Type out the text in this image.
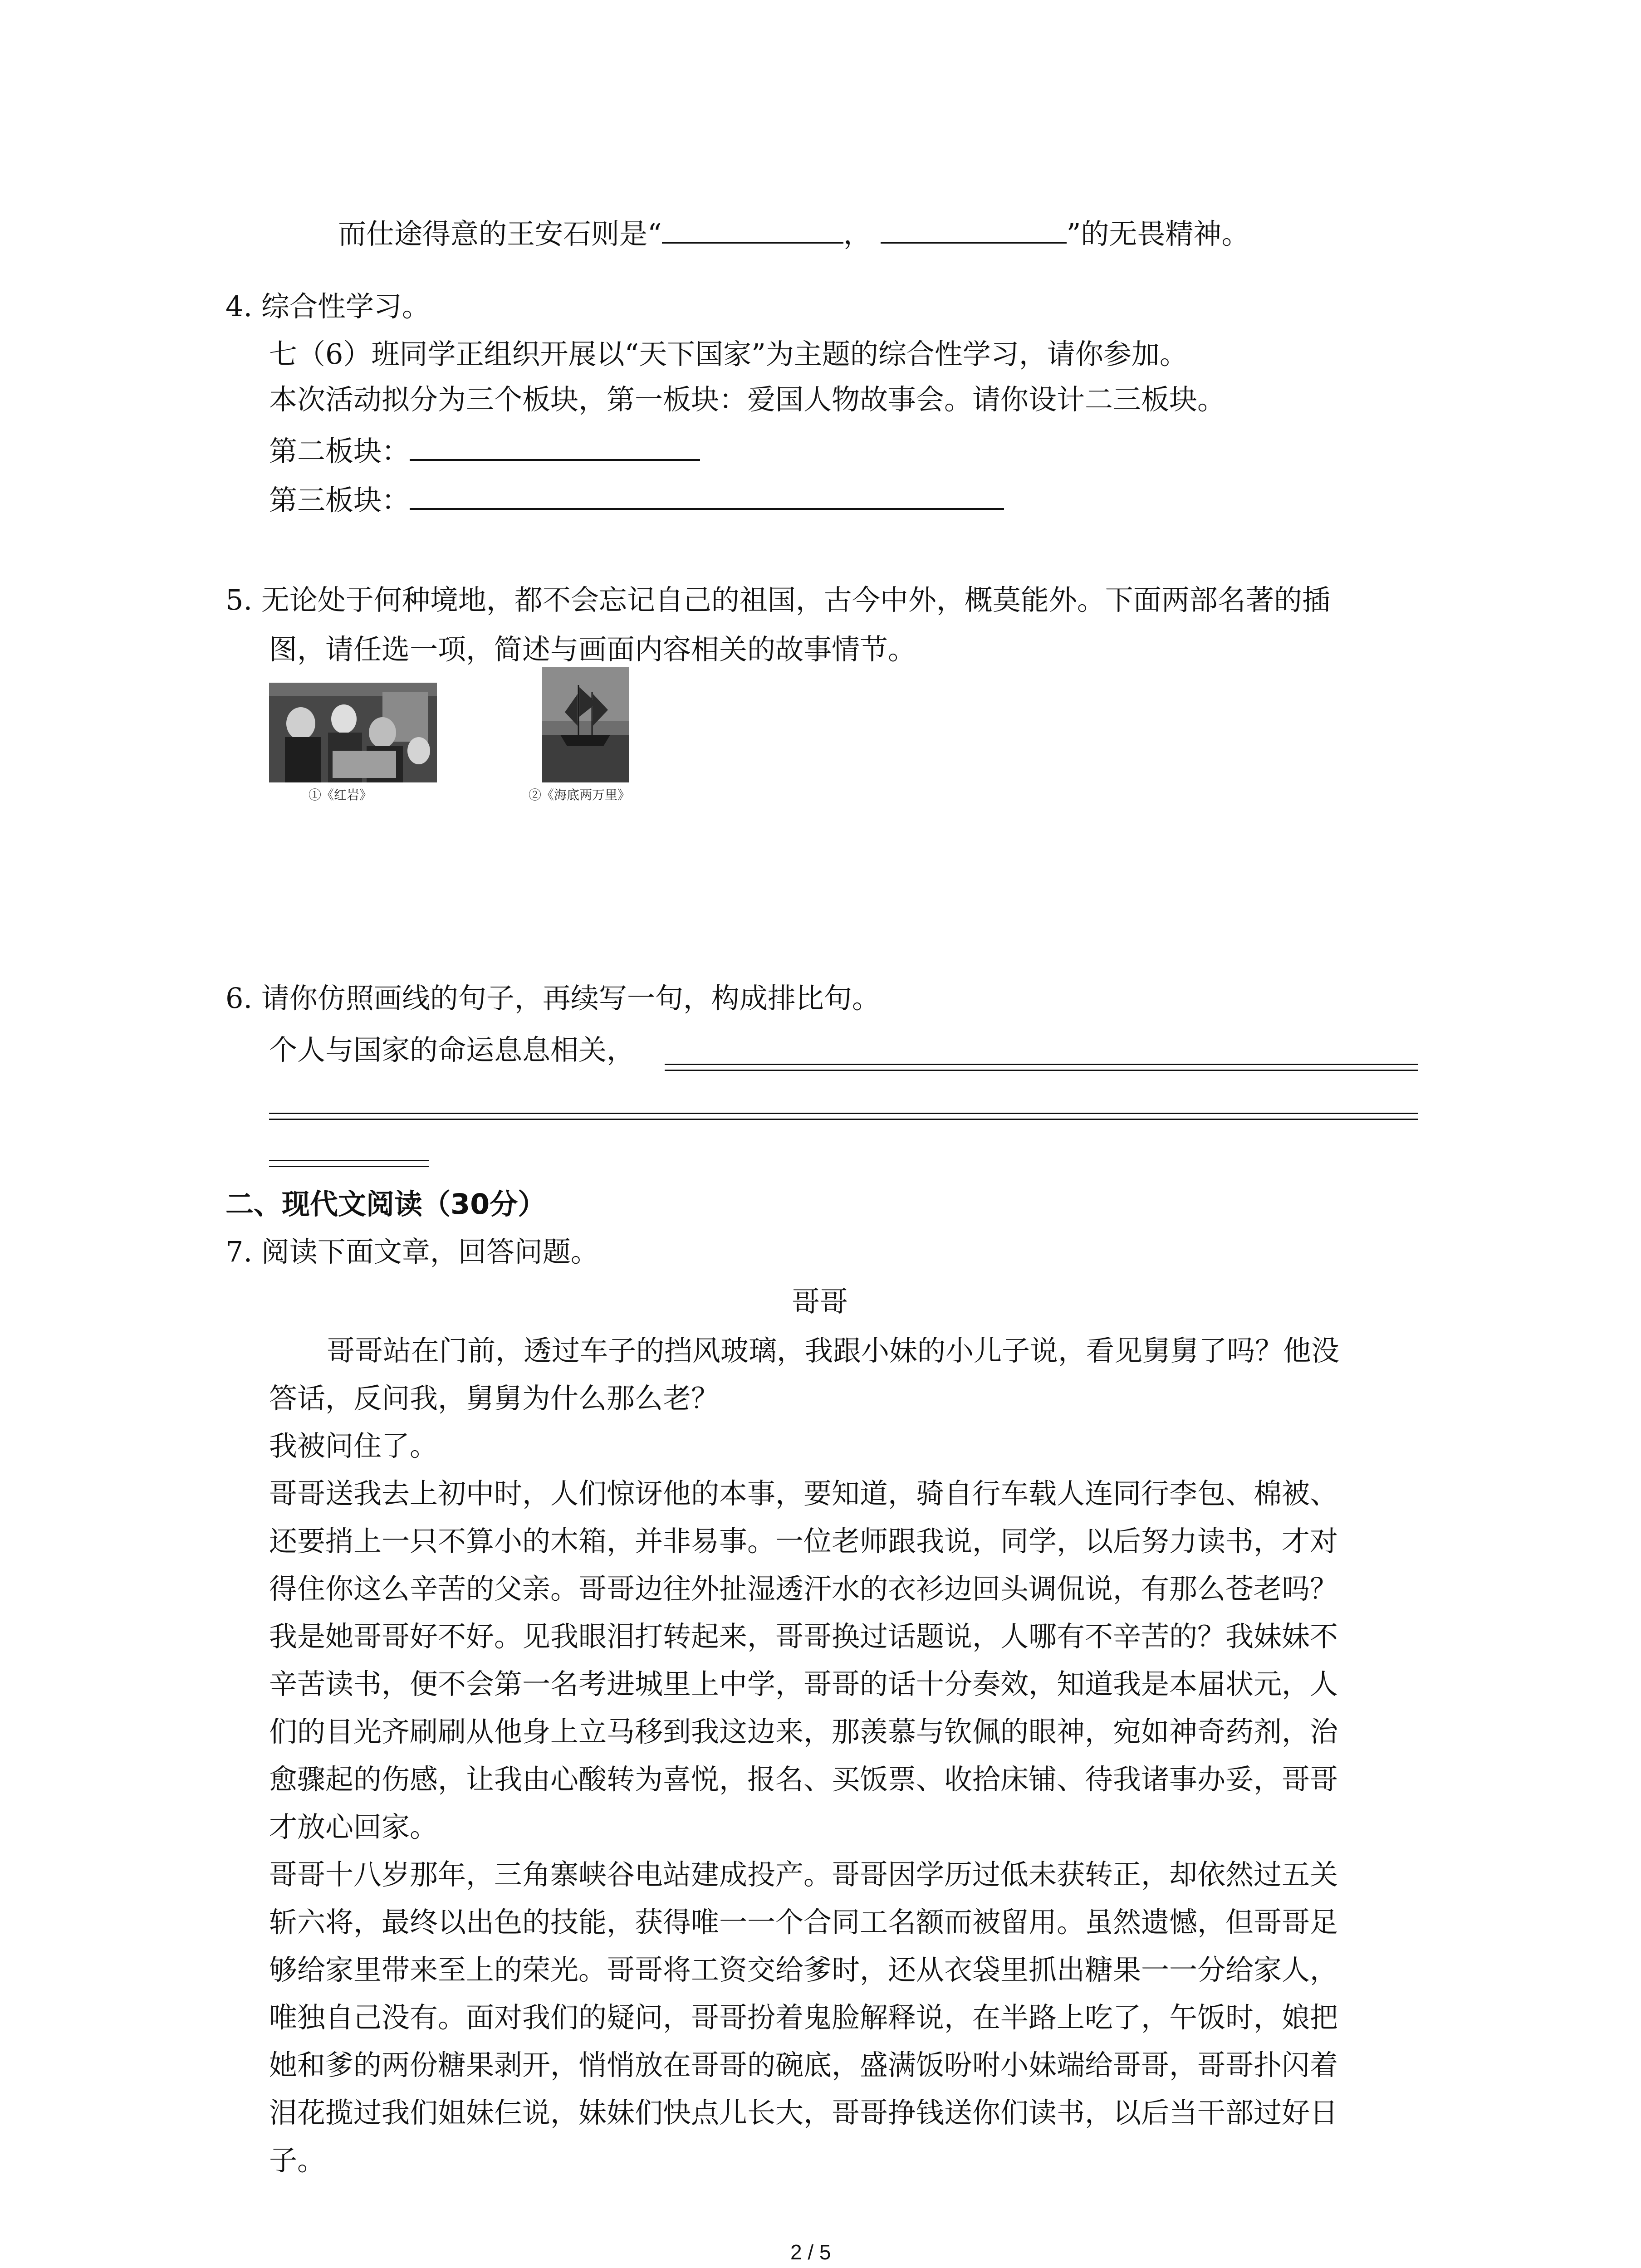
而仕途得意的王安石则是“	，	”的无畏精神。
4. 综合性学习。
七（6）班同学正组织开展以“天下国家”为主题的综合性学习，请你参加。
本次活动拟分为三个板块，第一板块：爱国人物故事会。请你设计二三板块。
第二板块：
第三板块：
5. 无论处于何种境地，都不会忘记自己的祖国，古今中外，概莫能外。下面两部名著的插
图，请任选一项，简述与画面内容相关的故事情节。
①《红岩》	②《海底两万里》
6. 请你仿照画线的句子，再续写一句，构成排比句。
个人与国家的命运息息相关，
二、现代文阅读（30分）
7. 阅读下面文章，回答问题。
哥哥
哥哥站在门前，透过车子的挡风玻璃，我跟小妹的小儿子说，看见舅舅了吗？他没
答话，反问我，舅舅为什么那么老？
我被问住了。
哥哥送我去上初中时，人们惊讶他的本事，要知道，骑自行车载人连同行李包、棉被、
还要捎上一只不算小的木箱，并非易事。一位老师跟我说，同学，以后努力读书，才对
得住你这么辛苦的父亲。哥哥边往外扯湿透汗水的衣衫边回头调侃说，有那么苍老吗？
我是她哥哥好不好。见我眼泪打转起来，哥哥换过话题说，人哪有不辛苦的？我妹妹不
辛苦读书，便不会第一名考进城里上中学，哥哥的话十分奏效，知道我是本届状元，人
们的目光齐刷刷从他身上立马移到我这边来，那羡慕与钦佩的眼神，宛如神奇药剂，治
愈骤起的伤感，让我由心酸转为喜悦，报名、买饭票、收拾床铺、待我诸事办妥，哥哥
才放心回家。
哥哥十八岁那年，三角寨峡谷电站建成投产。哥哥因学历过低未获转正，却依然过五关
斩六将，最终以出色的技能，获得唯一一个合同工名额而被留用。虽然遗憾，但哥哥足
够给家里带来至上的荣光。哥哥将工资交给爹时，还从衣袋里抓出糖果一一分给家人，
唯独自己没有。面对我们的疑问，哥哥扮着鬼脸解释说，在半路上吃了，午饭时，娘把
她和爹的两份糖果剥开，悄悄放在哥哥的碗底，盛满饭吩咐小妹端给哥哥，哥哥扑闪着
泪花揽过我们姐妹仨说，妹妹们快点儿长大，哥哥挣钱送你们读书，以后当干部过好日
子。
2 / 5
